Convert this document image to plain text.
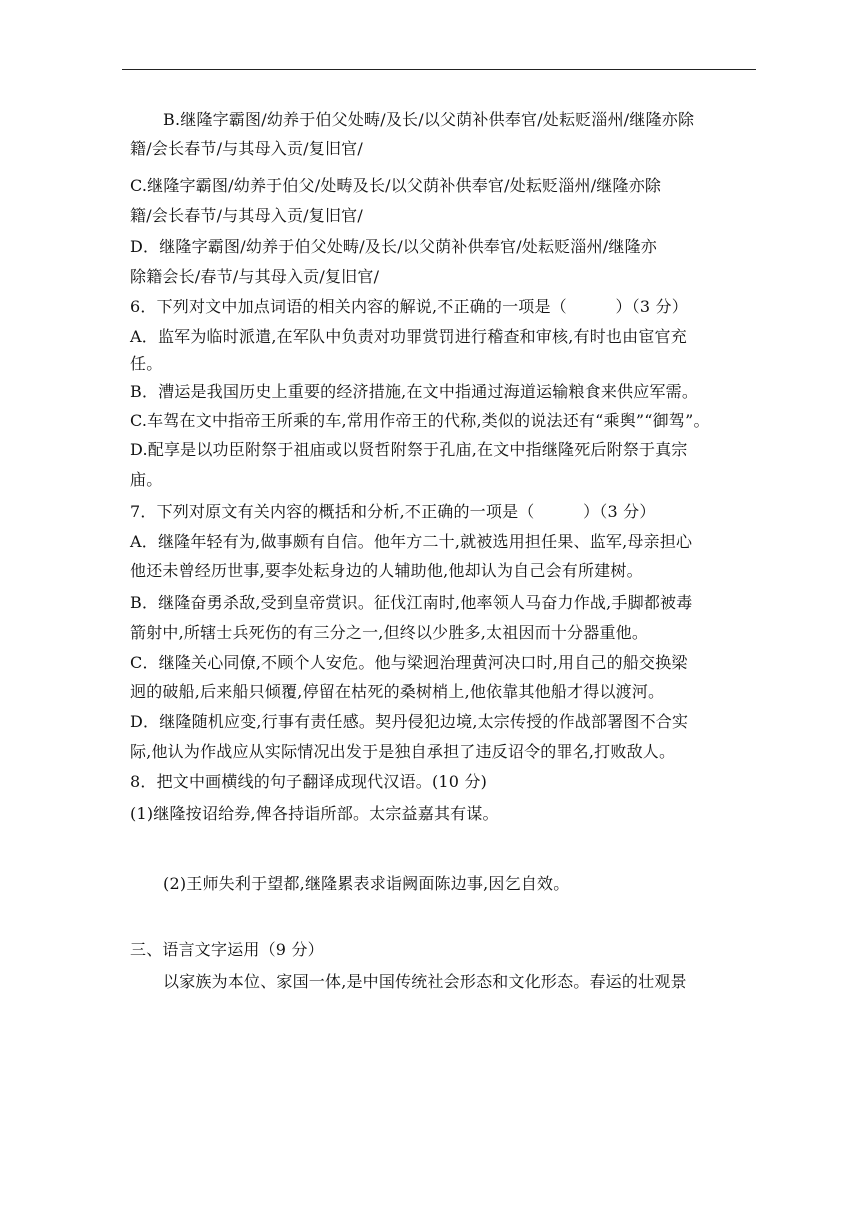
B.继隆字霸图/幼养于伯父处畴/及长/以父荫补供奉官/处耘贬淄州/继隆亦除
籍/会长春节/与其母入贡/复旧官/
C.继隆字霸图/幼养于伯父/处畴及长/以父荫补供奉官/处耘贬淄州/继隆亦除
籍/会长春节/与其母入贡/复旧官/
D．继隆字霸图/幼养于伯父处畴/及长/以父荫补供奉官/处耘贬淄州/继隆亦
除籍会长/春节/与其母入贡/复旧官/
6．下列对文中加点词语的相关内容的解说,不正确的一项是（　　　）（3 分）
A．监军为临时派遣,在军队中负责对功罪赏罚进行稽查和审核,有时也由宦官充
任。
B．漕运是我国历史上重要的经济措施,在文中指通过海道运输粮食来供应军需。
C.车驾在文中指帝王所乘的车,常用作帝王的代称,类似的说法还有“乘舆”“御驾”。
D.配享是以功臣附祭于祖庙或以贤哲附祭于孔庙,在文中指继隆死后附祭于真宗
庙。
7．下列对原文有关内容的概括和分析,不正确的一项是（　　　）（3 分）
A．继隆年轻有为,做事颇有自信。他年方二十,就被选用担任果、监军,母亲担心
他还未曾经历世事,要李处耘身边的人辅助他,他却认为自己会有所建树。
B．继隆奋勇杀敌,受到皇帝赏识。征伐江南时,他率领人马奋力作战,手脚都被毒
箭射中,所辖士兵死伤的有三分之一,但终以少胜多,太祖因而十分器重他。
C．继隆关心同僚,不顾个人安危。他与梁迥治理黄河决口时,用自己的船交换梁
迥的破船,后来船只倾覆,停留在枯死的桑树梢上,他依靠其他船才得以渡河。
D．继隆随机应变,行事有责任感。契丹侵犯边境,太宗传授的作战部署图不合实
际,他认为作战应从实际情况出发于是独自承担了违反诏令的罪名,打败敌人。
8．把文中画横线的句子翻译成现代汉语。(10 分)
(1)继隆按诏给券,俾各持诣所部。太宗益嘉其有谋。
(2)王师失利于望都,继隆累表求诣阙面陈边事,因乞自效。
三、语言文字运用（9 分）
以家族为本位、家国一体,是中国传统社会形态和文化形态。春运的壮观景
